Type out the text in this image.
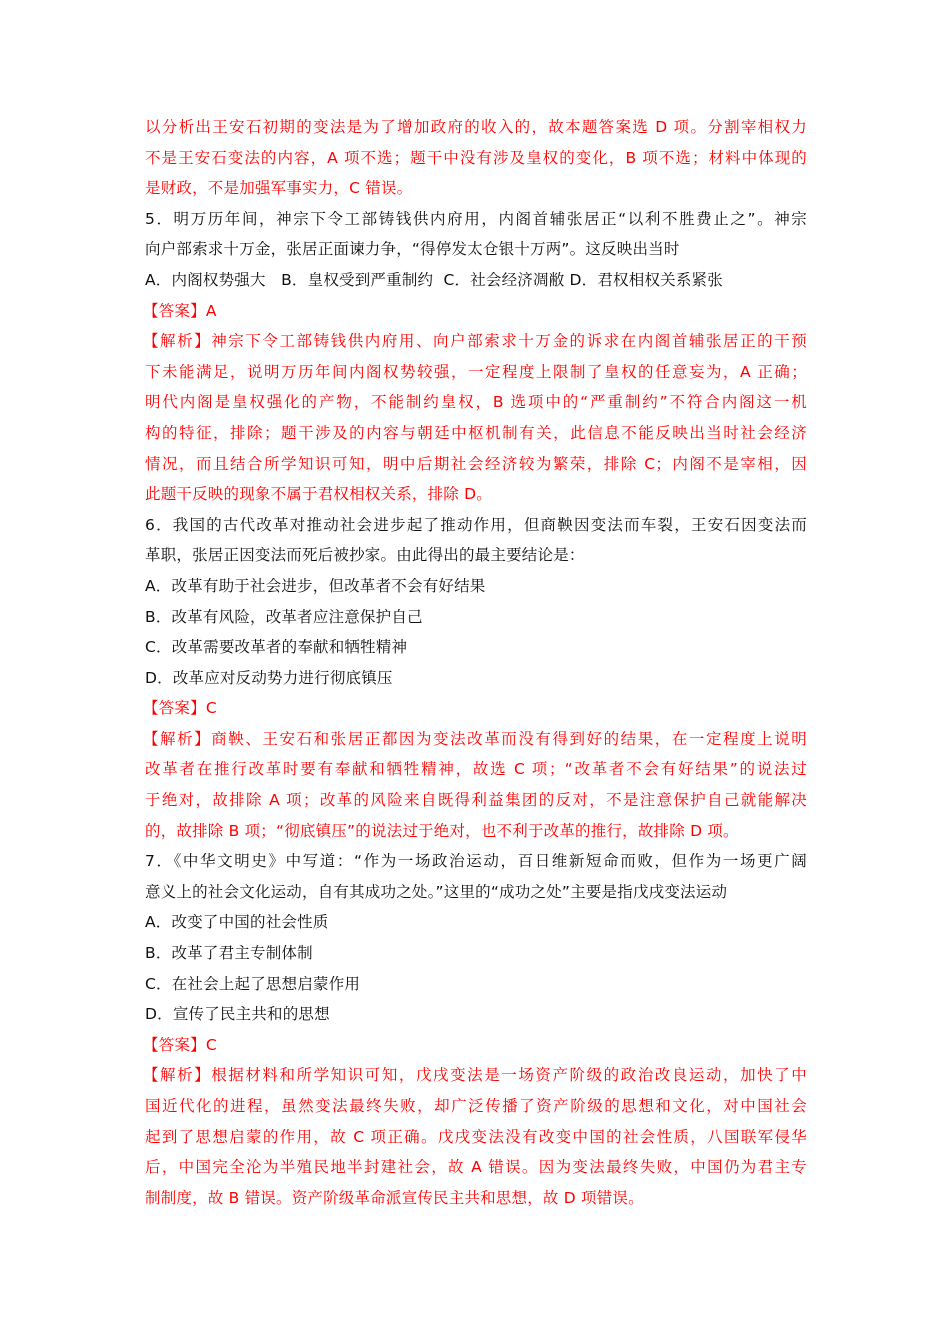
以分析出王安石初期的变法是为了增加政府的收入的，故本题答案选 D 项。分割宰相权力
不是王安石变法的内容，A 项不选；题干中没有涉及皇权的变化，B 项不选；材料中体现的
是财政，不是加强军事实力，C 错误。
5．明万历年间，神宗下令工部铸钱供内府用，内阁首辅张居正“以利不胜费止之”。神宗
向户部索求十万金，张居正面谏力争，“得停发太仓银十万两”。这反映出当时
A．内阁权势强大   B．皇权受到严重制约  C．社会经济凋敝 D．君权相权关系紧张
【答案】A
【解析】神宗下令工部铸钱供内府用、向户部索求十万金的诉求在内阁首辅张居正的干预
下未能满足，说明万历年间内阁权势较强，一定程度上限制了皇权的任意妄为，A 正确；
明代内阁是皇权强化的产物，不能制约皇权，B 选项中的“严重制约”不符合内阁这一机
构的特征，排除；题干涉及的内容与朝廷中枢机制有关，此信息不能反映出当时社会经济
情况，而且结合所学知识可知，明中后期社会经济较为繁荣，排除 C；内阁不是宰相，因
此题干反映的现象不属于君权相权关系，排除 D。
6．我国的古代改革对推动社会进步起了推动作用，但商鞅因变法而车裂，王安石因变法而
革职，张居正因变法而死后被抄家。由此得出的最主要结论是：
A．改革有助于社会进步，但改革者不会有好结果
B．改革有风险，改革者应注意保护自己
C．改革需要改革者的奉献和牺牲精神
D．改革应对反动势力进行彻底镇压
【答案】C
【解析】商鞅、王安石和张居正都因为变法改革而没有得到好的结果，在一定程度上说明
改革者在推行改革时要有奉献和牺牲精神，故选 C 项；“改革者不会有好结果”的说法过
于绝对，故排除 A 项；改革的风险来自既得利益集团的反对，不是注意保护自己就能解决
的，故排除 B 项；“彻底镇压”的说法过于绝对，也不利于改革的推行，故排除 D 项。
7．《中华文明史》中写道：“作为一场政治运动，百日维新短命而败，但作为一场更广阔
意义上的社会文化运动，自有其成功之处。”这里的“成功之处”主要是指戊戌变法运动
A．改变了中国的社会性质
B．改革了君主专制体制
C．在社会上起了思想启蒙作用
D．宣传了民主共和的思想
【答案】C
【解析】根据材料和所学知识可知，戊戌变法是一场资产阶级的政治改良运动，加快了中
国近代化的进程，虽然变法最终失败，却广泛传播了资产阶级的思想和文化，对中国社会
起到了思想启蒙的作用，故 C 项正确。戊戌变法没有改变中国的社会性质，八国联军侵华
后，中国完全沦为半殖民地半封建社会，故 A 错误。因为变法最终失败，中国仍为君主专
制制度，故 B 错误。资产阶级革命派宣传民主共和思想，故 D 项错误。
